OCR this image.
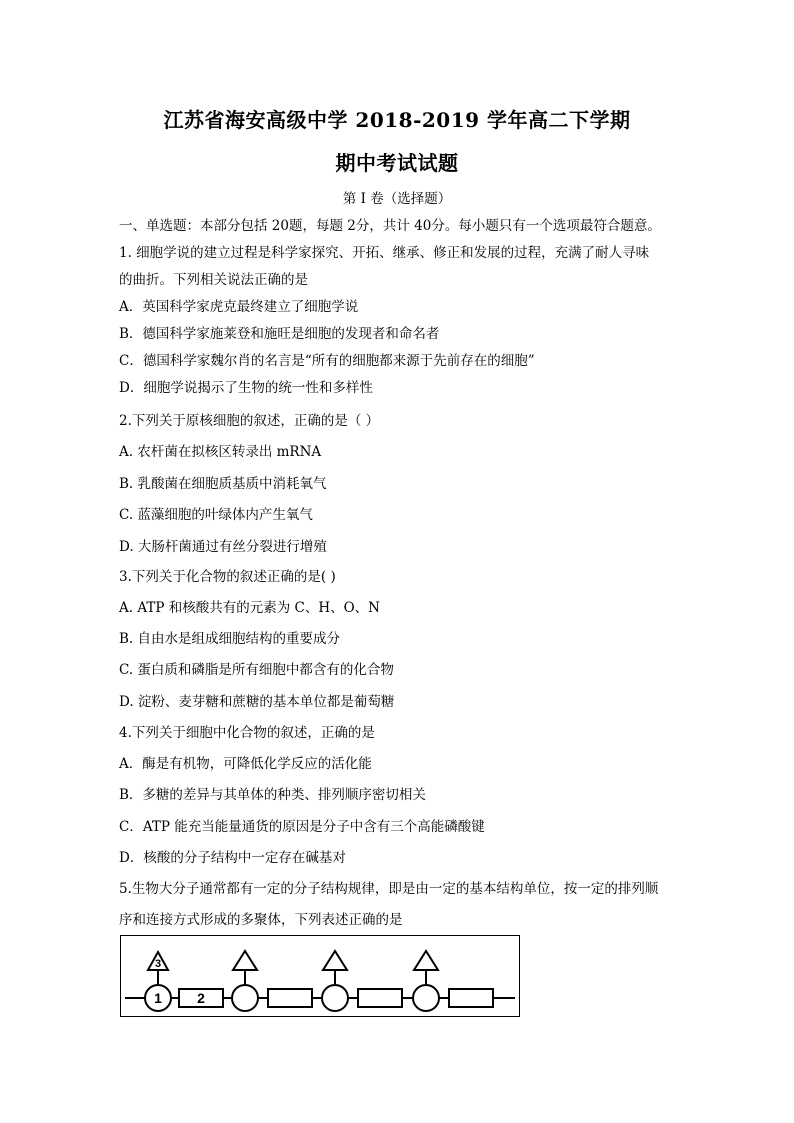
江苏省海安高级中学 2018-2019 学年高二下学期
期中考试试题
第 I 卷（选择题）
一、单选题：本部分包括 20题，每题 2分，共计 40分。每小题只有一个选项最符合题意。
1. 细胞学说的建立过程是科学家探究、开拓、继承、修正和发展的过程，充满了耐人寻味
的曲折。下列相关说法正确的是
A．英国科学家虎克最终建立了细胞学说
B．德国科学家施莱登和施旺是细胞的发现者和命名者
C．德国科学家魏尔肖的名言是“所有的细胞都来源于先前存在的细胞”
D．细胞学说揭示了生物的统一性和多样性
2.下列关于原核细胞的叙述，正确的是（ ）
A. 农杆菌在拟核区转录出 mRNA
B. 乳酸菌在细胞质基质中消耗氧气
C. 蓝藻细胞的叶绿体内产生氧气
D. 大肠杆菌通过有丝分裂进行增殖
3.下列关于化合物的叙述正确的是( )
A. ATP 和核酸共有的元素为 C、H、O、N
B. 自由水是组成细胞结构的重要成分
C. 蛋白质和磷脂是所有细胞中都含有的化合物
D. 淀粉、麦芽糖和蔗糖的基本单位都是葡萄糖
4.下列关于细胞中化合物的叙述，正确的是
A．酶是有机物，可降低化学反应的活化能
B．多糖的差异与其单体的种类、排列顺序密切相关
C．ATP 能充当能量通货的原因是分子中含有三个高能磷酸键
D．核酸的分子结构中一定存在碱基对
5.生物大分子通常都有一定的分子结构规律，即是由一定的基本结构单位，按一定的排列顺
序和连接方式形成的多聚体，下列表述正确的是
3
1	2
